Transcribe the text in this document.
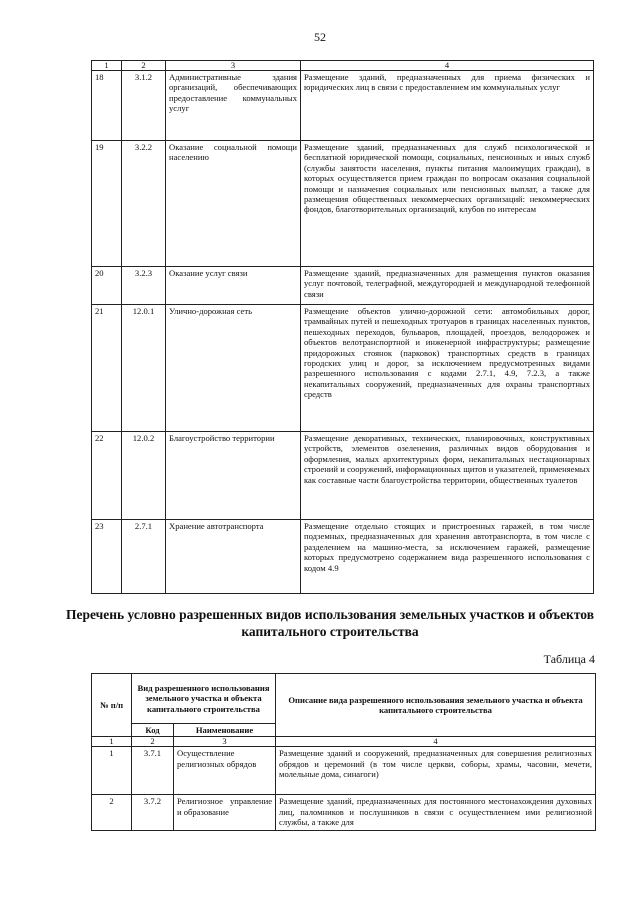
52
1	2	3	4
18	3.1.2	Административные здания организаций, обеспечивающих предоставление коммунальных услуг	Размещение зданий, предназначенных для приема физических и юридических лиц в связи с предоставлением им коммунальных услуг
19	3.2.2	Оказание социальной помощи населению	Размещение зданий, предназначенных для служб психологической и бесплатной юридической помощи, социальных, пенсионных и иных служб (службы занятости населения, пункты питания малоимущих граждан), в которых осуществляется прием граждан по вопросам оказания социальной помощи и назначения социальных или пенсионных выплат, а также для размещения общественных некоммерческих организаций: некоммерческих фондов, благотворительных организаций, клубов по интересам
20	3.2.3	Оказание услуг связи	Размещение зданий, предназначенных для размещения пунктов оказания услуг почтовой, телеграфной, междугородней и международной телефонной связи
21	12.0.1	Улично-дорожная сеть	Размещение объектов улично-дорожной сети: автомобильных дорог, трамвайных путей и пешеходных тротуаров в границах населенных пунктов, пешеходных переходов, бульваров, площадей, проездов, велодорожек и объектов велотранспортной и инженерной инфраструктуры; размещение придорожных стоянок (парковок) транспортных средств в границах городских улиц и дорог, за исключением предусмотренных видами разрешенного использования с кодами 2.7.1, 4.9, 7.2.3, а также некапитальных сооружений, предназначенных для охраны транспортных средств
22	12.0.2	Благоустройство территории	Размещение декоративных, технических, планировочных, конструктивных устройств, элементов озеленения, различных видов оборудования и оформления, малых архитектурных форм, некапитальных нестационарных строений и сооружений, информационных щитов и указателей, применяемых как составные части благоустройства территории, общественных туалетов
23	2.7.1	Хранение автотранспорта	Размещение отдельно стоящих и пристроенных гаражей, в том числе подземных, предназначенных для хранения автотранспорта, в том числе с разделением на машино-места, за исключением гаражей, размещение которых предусмотрено содержанием вида разрешенного использования с кодом 4.9
Перечень условно разрешенных видов использования земельных участков и объектов капитального строительства
Таблица 4
№ п/п	Вид разрешенного использования земельного участка и объекта капитального строительства		Описание вида разрешенного использования земельного участка и объекта капитального строительства
	Код	Наименование	
1	2	3	4
1	3.7.1	Осуществление религиозных обрядов	Размещение зданий и сооружений, предназначенных для совершения религиозных обрядов и церемоний (в том числе церкви, соборы, храмы, часовни, мечети, молельные дома, синагоги)
2	3.7.2	Религиозное управление и образование	Размещение зданий, предназначенных для постоянного местонахождения духовных лиц, паломников и послушников в связи с осуществлением ими религиозной службы, а также для
